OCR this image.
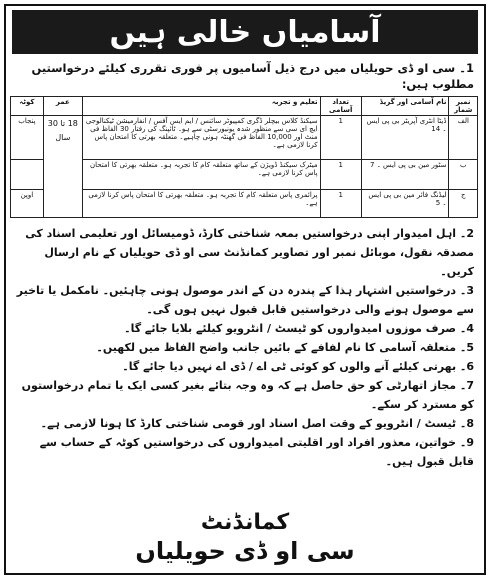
آسامیاں خالی ہیں
1۔ سی او ڈی حویلیاں میں درج ذیل آسامیوں پر فوری تقرری کیلئے درخواستیں مطلوب ہیں:
نمبر شمار	نام آسامی اور گریڈ	تعداد آسامی	تعلیم و تجربہ	عمر	کوٹہ
الف	ڈیٹا انٹری آپریٹر بی پی ایس ۔ 14	1	سیکنڈ کلاس بیچلر ڈگری کمپیوٹر سائنس / ایم ایس آفس / انفارمیشن ٹیکنالوجی ایچ ای سی سے منظور شدہ یونیورسٹی سے ہو۔ ٹائپنگ کی رفتار 30 الفاظ فی منٹ اور 10,000 الفاظ فی گھنٹہ ہونی چاہیے۔ متعلقہ بھرتی کا امتحان پاس کرنا لازمی ہے۔	18 تا 30 سال	پنجاب
ب	سٹور مین بی پی ایس ۔ 7	1	میٹرک سیکنڈ ڈویژن کے ساتھ متعلقہ کام کا تجربہ ہو۔ متعلقہ بھرتی کا امتحان پاس کرنا لازمی ہے۔		
ج	لیڈنگ فائر مین بی پی ایس ۔ 5	1	پرائمری پاس متعلقہ کام کا تجربہ ہو۔ متعلقہ بھرتی کا امتحان پاس کرنا لازمی ہے۔		اوپن

2۔ اہل امیدوار اپنی درخواستیں بمعہ شناختی کارڈ، ڈومیسائل اور تعلیمی اسناد کی مصدقہ نقول، موبائل نمبر اور تصاویر کمانڈنٹ سی او ڈی حویلیاں کے نام ارسال کریں۔

3۔ درخواستیں اشتہار ہذا کے پندرہ دن کے اندر موصول ہونی چاہئیں۔ نامکمل یا تاخیر سے موصول ہونے والی درخواستیں قابل قبول نہیں ہوں گی۔

4۔ صرف موزوں امیدواروں کو ٹیسٹ / انٹرویو کیلئے بلایا جائے گا۔

5۔ متعلقہ آسامی کا نام لفافے کے بائیں جانب واضح الفاظ میں لکھیں۔

6۔ بھرتی کیلئے آنے والوں کو کوئی ٹی اے / ڈی اے نہیں دیا جائے گا۔

7۔ مجاز اتھارٹی کو حق حاصل ہے کہ وہ وجہ بتائے بغیر کسی ایک یا تمام درخواستوں کو مسترد کر سکے۔

8۔ ٹیسٹ / انٹرویو کے وقت اصل اسناد اور قومی شناختی کارڈ کا ہونا لازمی ہے۔

9۔ خواتین، معذور افراد اور اقلیتی امیدواروں کی درخواستیں کوٹہ کے حساب سے قابل قبول ہیں۔

کمانڈنٹ
سی او ڈی حویلیاں
